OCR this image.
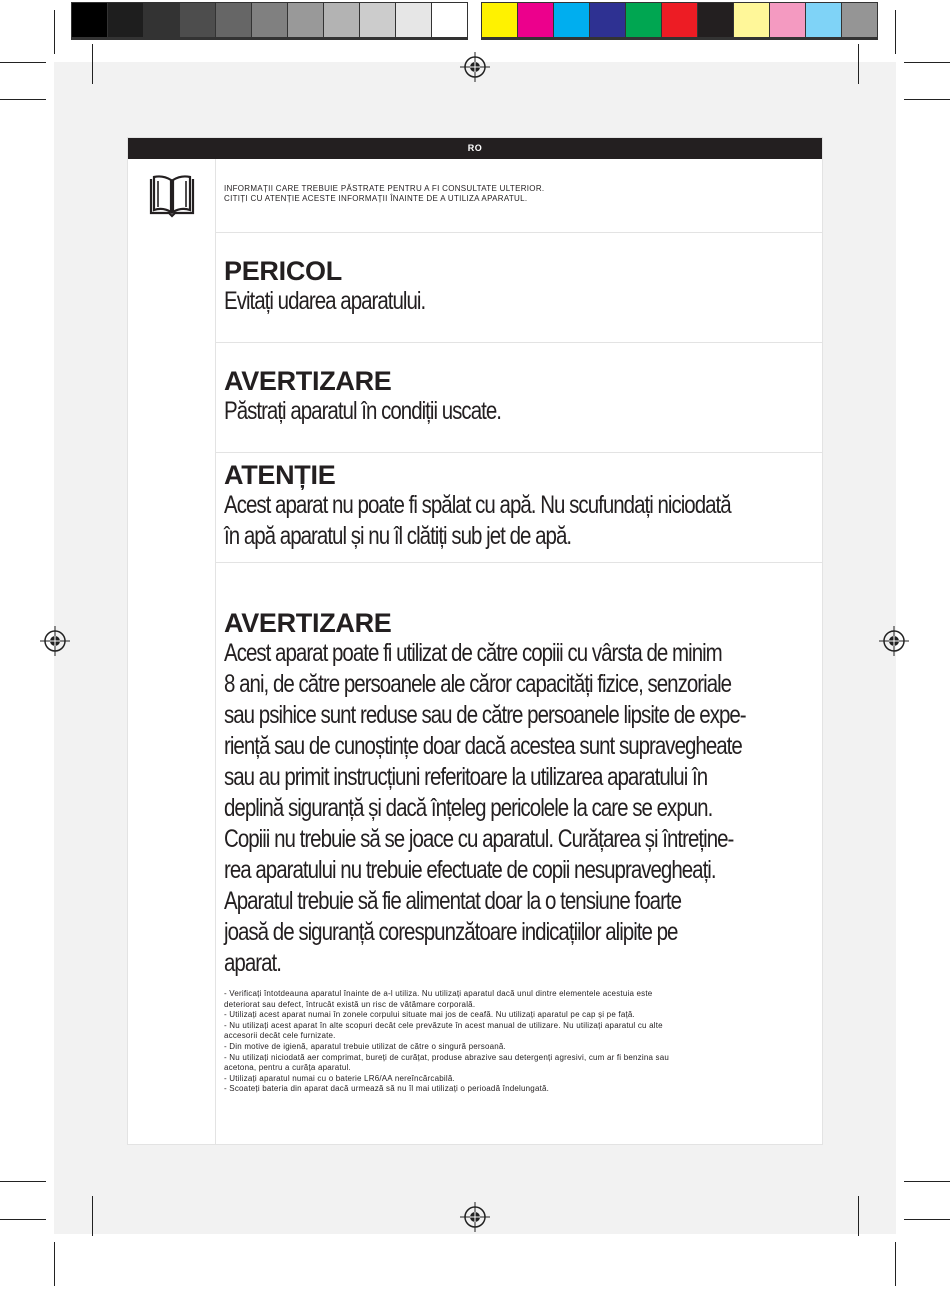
RO
INFORMAȚII CARE TREBUIE PĂSTRATE PENTRU A FI CONSULTATE ULTERIOR.
CITIȚI CU ATENȚIE ACESTE INFORMAȚII ÎNAINTE DE A UTILIZA APARATUL.
PERICOL

Evitați udarea aparatului.

AVERTIZARE

Păstrați aparatul în condiții uscate.

ATENȚIE

Acest aparat nu poate fi spălat cu apă. Nu scufundați niciodată
în apă aparatul și nu îl clătiți sub jet de apă.

AVERTIZARE

Acest aparat poate fi utilizat de către copiii cu vârsta de minim
8 ani, de către persoanele ale căror capacități fizice, senzoriale
sau psihice sunt reduse sau de către persoanele lipsite de expe-
riență sau de cunoștințe doar dacă acestea sunt supravegheate
sau au primit instrucțiuni referitoare la utilizarea aparatului în
deplină siguranță și dacă înțeleg pericolele la care se expun.
Copiii nu trebuie să se joace cu aparatul. Curățarea și întreține-
rea aparatului nu trebuie efectuate de copii nesupravegheați.
Aparatul trebuie să fie alimentat doar la o tensiune foarte
joasă de siguranță corespunzătoare indicațiilor alipite pe
aparat.

- Verificați întotdeauna aparatul înainte de a-l utiliza. Nu utilizați aparatul dacă unul dintre elementele acestuia este
deteriorat sau defect, întrucât există un risc de vătămare corporală.
- Utilizați acest aparat numai în zonele corpului situate mai jos de ceafă. Nu utilizați aparatul pe cap și pe față.
- Nu utilizați acest aparat în alte scopuri decât cele prevăzute în acest manual de utilizare. Nu utilizați aparatul cu alte
accesorii decât cele furnizate.
- Din motive de igienă, aparatul trebuie utilizat de către o singură persoană.
- Nu utilizați niciodată aer comprimat, bureți de curățat, produse abrazive sau detergenți agresivi, cum ar fi benzina sau
acetona, pentru a curăța aparatul.
- Utilizați aparatul numai cu o baterie LR6/AA nereîncărcabilă.
- Scoateți bateria din aparat dacă urmează să nu îl mai utilizați o perioadă îndelungată.
